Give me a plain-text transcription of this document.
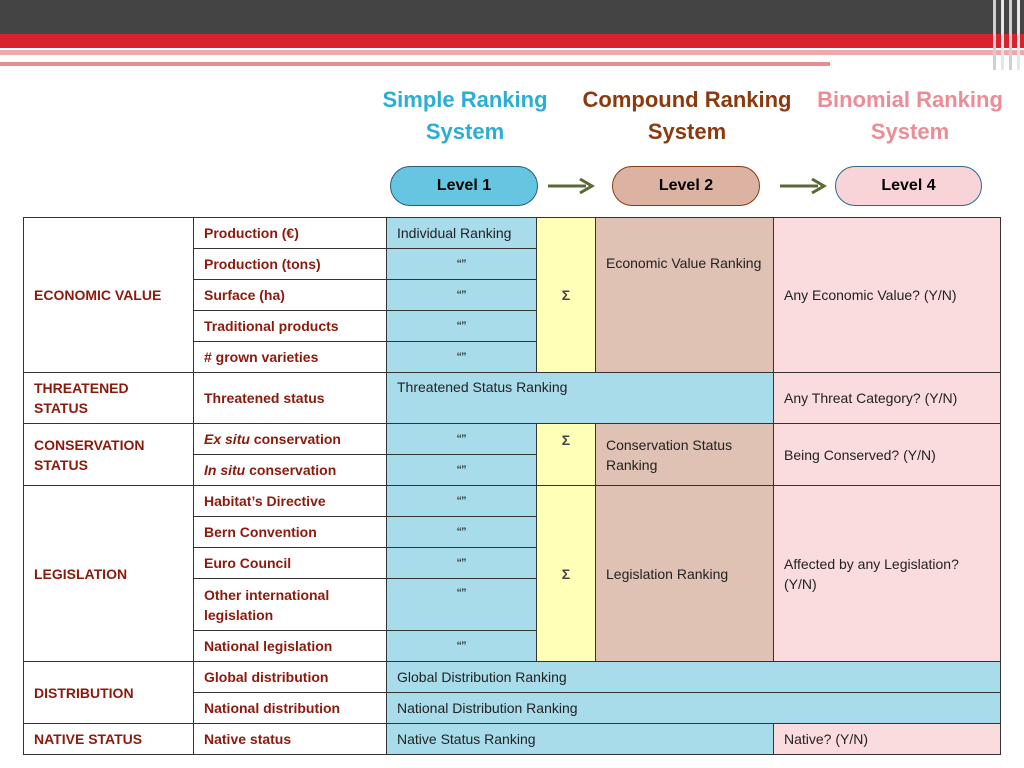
Simple Ranking
System
Compound Ranking
System
Binomial Ranking
System
Level 1	Level 2	Level 4
ECONOMIC VALUE	Production (€)	Individual Ranking	Σ	Economic Value Ranking	Any Economic Value? (Y/N)
	Production (tons)	“”			
	Surface (ha)	“”			
	Traditional products	“”			
	# grown varieties	“”			
THREATENED STATUS	Threatened status	Threatened Status Ranking			Any Threat Category? (Y/N)
CONSERVATION STATUS	Ex situ conservation	“”	Σ	Conservation Status Ranking	Being Conserved? (Y/N)
	In situ conservation	“”			
LEGISLATION	Habitat’s Directive	“”	Σ	Legislation Ranking	Affected by any Legislation? (Y/N)
	Bern Convention	“”			
	Euro Council	“”			
	Other international legislation	“”			
	National legislation	“”			
DISTRIBUTION	Global distribution	Global Distribution Ranking			
	National distribution	National Distribution Ranking			
NATIVE STATUS	Native status	Native Status Ranking			Native? (Y/N)
